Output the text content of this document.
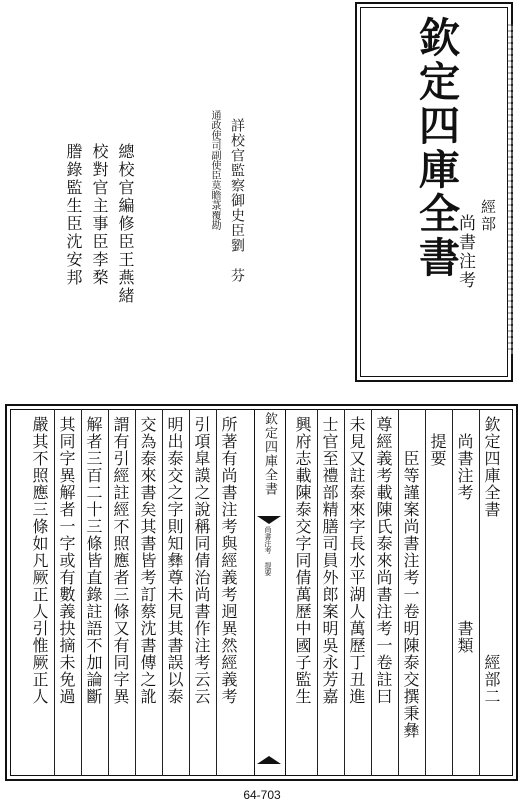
欽定四庫全書	經部
尚書注考
詳校官監察御史臣劉　芬
通政使司副使臣莫瞻菉覆勘
總校官編修臣王燕緒
校對官主事臣李楘
謄錄監生臣沈安邦
欽定四庫全書
尚書注考 提要	欽定四庫全書　　　　　　　　經部二
　尚書注考　　　　　　　書類
　提要
　　臣等謹案尚書注考一卷明陳泰交撰秉彝
尊經義考載陳氏泰來尚書注考一卷註曰
未見又註泰來字長水平湖人萬歷丁丑進
士官至禮部精膳司員外郎案明吳永芳嘉
興府志載陳泰交字同倩萬歷中國子監生
所著有尚書注考與經義考迥異然經義考
引項皐謨之說稱同倩治尚書作注考云云
明出泰交之字則知彝尊未見其書誤以泰
交為泰來書矣其書皆考訂蔡沈書傳之訛
謂有引經註經不照應者三條又有同字異
解者三百二十三條皆直錄註語不加論斷
其同字異解者一字或有數義抉摘未免過
嚴其不照應三條如凡厥正人引惟厥正人
64-703
